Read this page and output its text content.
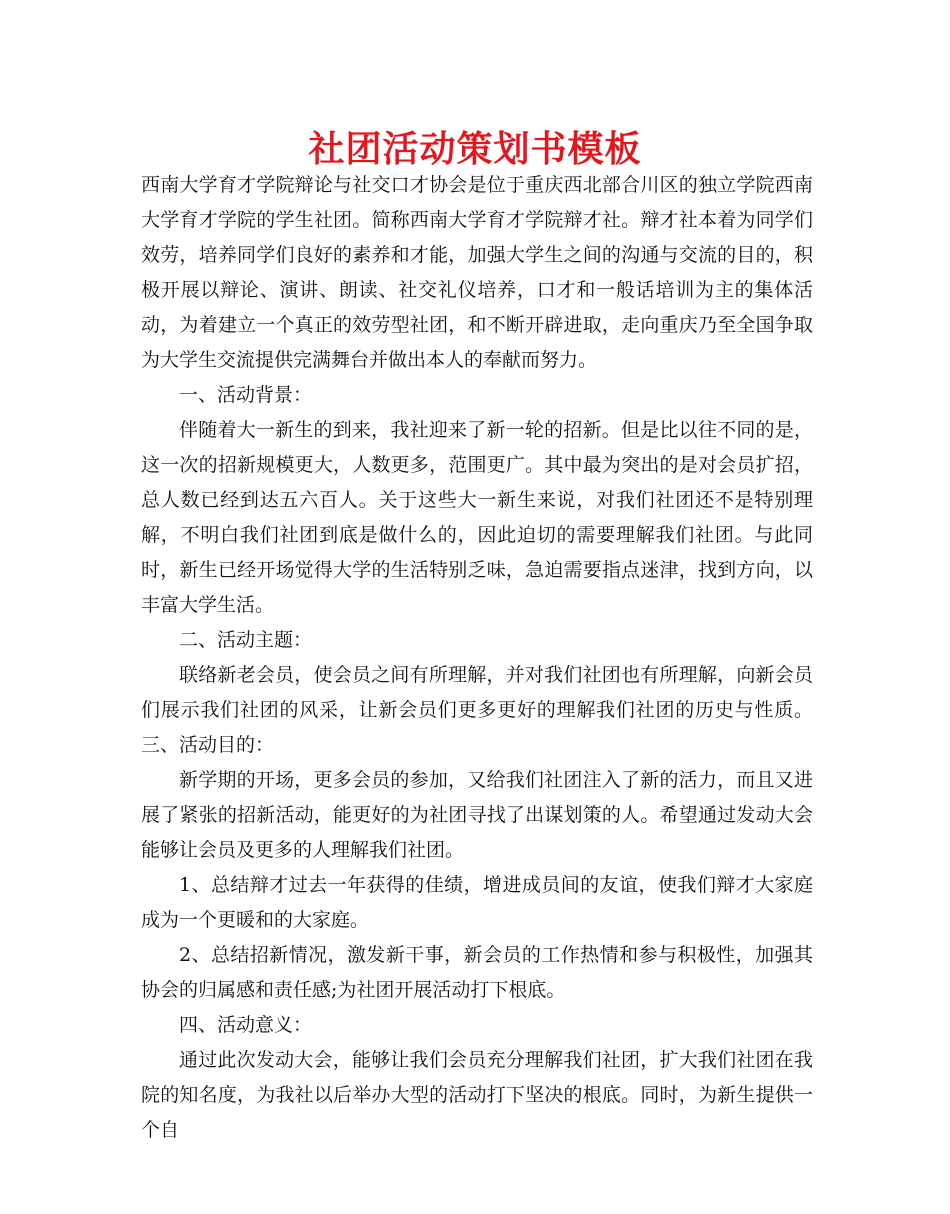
社团活动策划书模板

西南大学育才学院辩论与社交口才协会是位于重庆西北部合川区的独立学院西南大学育才学院的学生社团。简称西南大学育才学院辩才社。辩才社本着为同学们效劳，培养同学们良好的素养和才能，加强大学生之间的沟通与交流的目的，积极开展以辩论、演讲、朗读、社交礼仪培养，口才和一般话培训为主的集体活动，为着建立一个真正的效劳型社团，和不断开辟进取，走向重庆乃至全国争取为大学生交流提供完满舞台并做出本人的奉献而努力。

一、活动背景：

伴随着大一新生的到来，我社迎来了新一轮的招新。但是比以往不同的是，这一次的招新规模更大，人数更多，范围更广。其中最为突出的是对会员扩招，总人数已经到达五六百人。关于这些大一新生来说，对我们社团还不是特别理解，不明白我们社团到底是做什么的，因此迫切的需要理解我们社团。与此同时，新生已经开场觉得大学的生活特别乏味，急迫需要指点迷津，找到方向，以丰富大学生活。

二、活动主题：

联络新老会员，使会员之间有所理解，并对我们社团也有所理解，向新会员们展示我们社团的风采，让新会员们更多更好的理解我们社团的历史与性质。 三、活动目的：

新学期的开场，更多会员的参加，又给我们社团注入了新的活力，而且又进展了紧张的招新活动，能更好的为社团寻找了出谋划策的人。希望通过发动大会能够让会员及更多的人理解我们社团。

1、总结辩才过去一年获得的佳绩，增进成员间的友谊，使我们辩才大家庭成为一个更暖和的大家庭。

2、总结招新情况，激发新干事，新会员的工作热情和参与积极性，加强其协会的归属感和责任感;为社团开展活动打下根底。

四、活动意义：

通过此次发动大会，能够让我们会员充分理解我们社团，扩大我们社团在我院的知名度，为我社以后举办大型的活动打下坚决的根底。同时，为新生提供一个自
